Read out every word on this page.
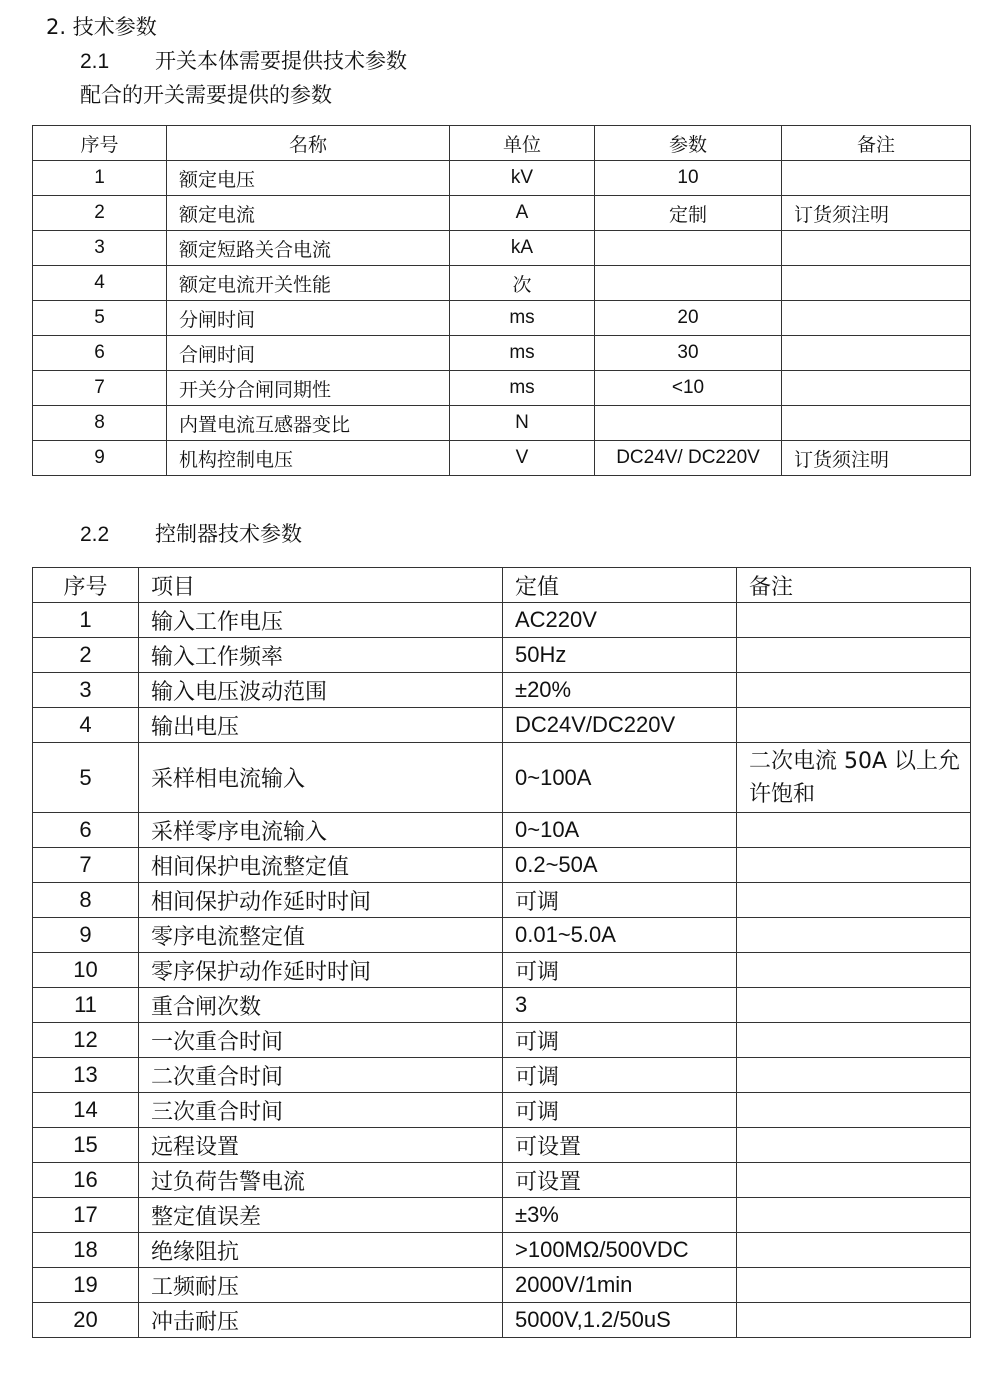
2. 技术参数
2.1 开关本体需要提供技术参数
配合的开关需要提供的参数
序号	名称	单位	参数	备注
1	额定电压	kV	10	
2	额定电流	A	定制	订货须注明
3	额定短路关合电流	kA		
4	额定电流开关性能	次		
5	分闸时间	ms	20	
6	合闸时间	ms	30	
7	开关分合闸同期性	ms	<10	
8	内置电流互感器变比	N		
9	机构控制电压	V	DC24V/ DC220V	订货须注明
2.2 控制器技术参数
序号	项目	定值	备注
1	输入工作电压	AC220V	
2	输入工作频率	50Hz	
3	输入电压波动范围	±20%	
4	输出电压	DC24V/DC220V	
5	采样相电流输入	0~100A	二次电流 50A 以上允许饱和
6	采样零序电流输入	0~10A	
7	相间保护电流整定值	0.2~50A	
8	相间保护动作延时时间	可调	
9	零序电流整定值	0.01~5.0A	
10	零序保护动作延时时间	可调	
11	重合闸次数	3	
12	一次重合时间	可调	
13	二次重合时间	可调	
14	三次重合时间	可调	
15	远程设置	可设置	
16	过负荷告警电流	可设置	
17	整定值误差	±3%	
18	绝缘阻抗	>100MΩ/500VDC	
19	工频耐压	2000V/1min	
20	冲击耐压	5000V,1.2/50uS	
